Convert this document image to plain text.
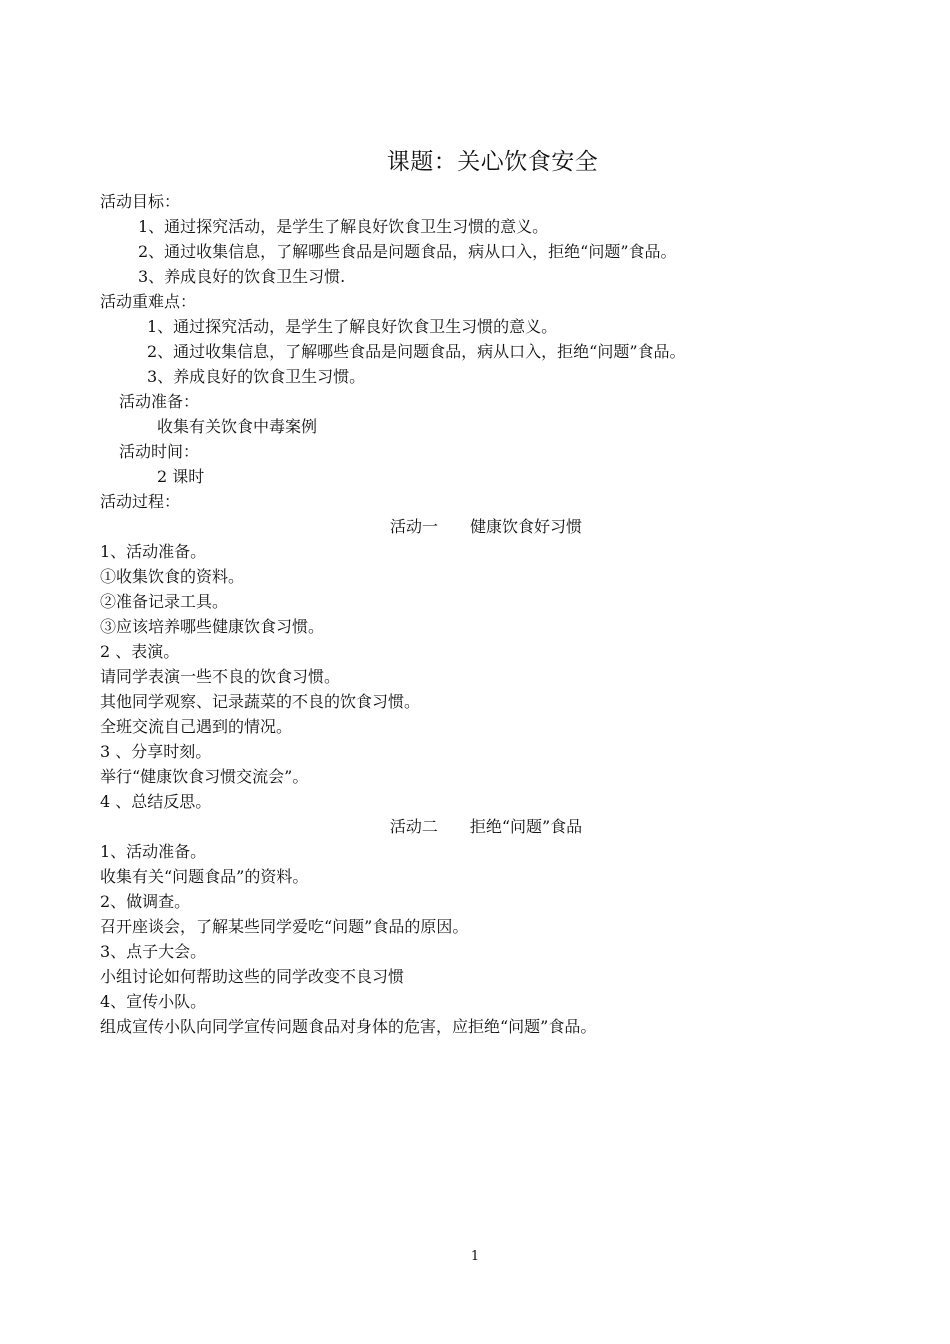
课题：关心饮食安全
活动目标：
1、通过探究活动，是学生了解良好饮食卫生习惯的意义。
2、通过收集信息，了解哪些食品是问题食品，病从口入，拒绝“问题”食品。
3、养成良好的饮食卫生习惯.
活动重难点：
1、通过探究活动，是学生了解良好饮食卫生习惯的意义。
2、通过收集信息，了解哪些食品是问题食品，病从口入，拒绝“问题”食品。
3、养成良好的饮食卫生习惯。
活动准备：
收集有关饮食中毒案例
活动时间：
2 课时
活动过程：
活动一　　健康饮食好习惯
1、活动准备。
①收集饮食的资料。
②准备记录工具。
③应该培养哪些健康饮食习惯。
2 、表演。
请同学表演一些不良的饮食习惯。
其他同学观察、记录蔬菜的不良的饮食习惯。
全班交流自己遇到的情况。
3 、分享时刻。
举行“健康饮食习惯交流会”。
4 、总结反思。
活动二　　拒绝“问题”食品
1、活动准备。
收集有关“问题食品”的资料。
2、做调查。
召开座谈会，了解某些同学爱吃“问题”食品的原因。
3、点子大会。
小组讨论如何帮助这些的同学改变不良习惯
4、宣传小队。
组成宣传小队向同学宣传问题食品对身体的危害，应拒绝“问题”食品。
1
